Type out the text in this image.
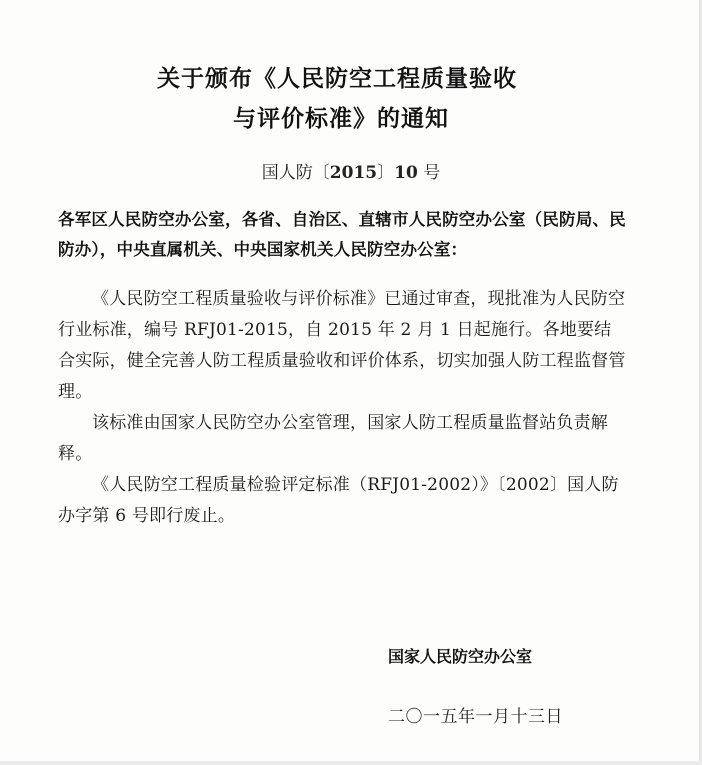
关于颁布《人民防空工程质量验收
与评价标准》的通知
国人防〔2015〕10 号

各军区人民防空办公室，各省、自治区、直辖市人民防空办公室（民防局、民防办），中央直属机关、中央国家机关人民防空办公室：

《人民防空工程质量验收与评价标准》已通过审查，现批准为人民防空行业标准，编号 RFJ01-2015，自 2015 年 2 月 1 日起施行。各地要结合实际，健全完善人防工程质量验收和评价体系，切实加强人防工程监督管理。

该标准由国家人民防空办公室管理，国家人防工程质量监督站负责解释。

《人民防空工程质量检验评定标准（RFJ01-2002）》〔2002〕国人防办字第 6 号即行废止。

国家人民防空办公室
二〇一五年一月十三日
